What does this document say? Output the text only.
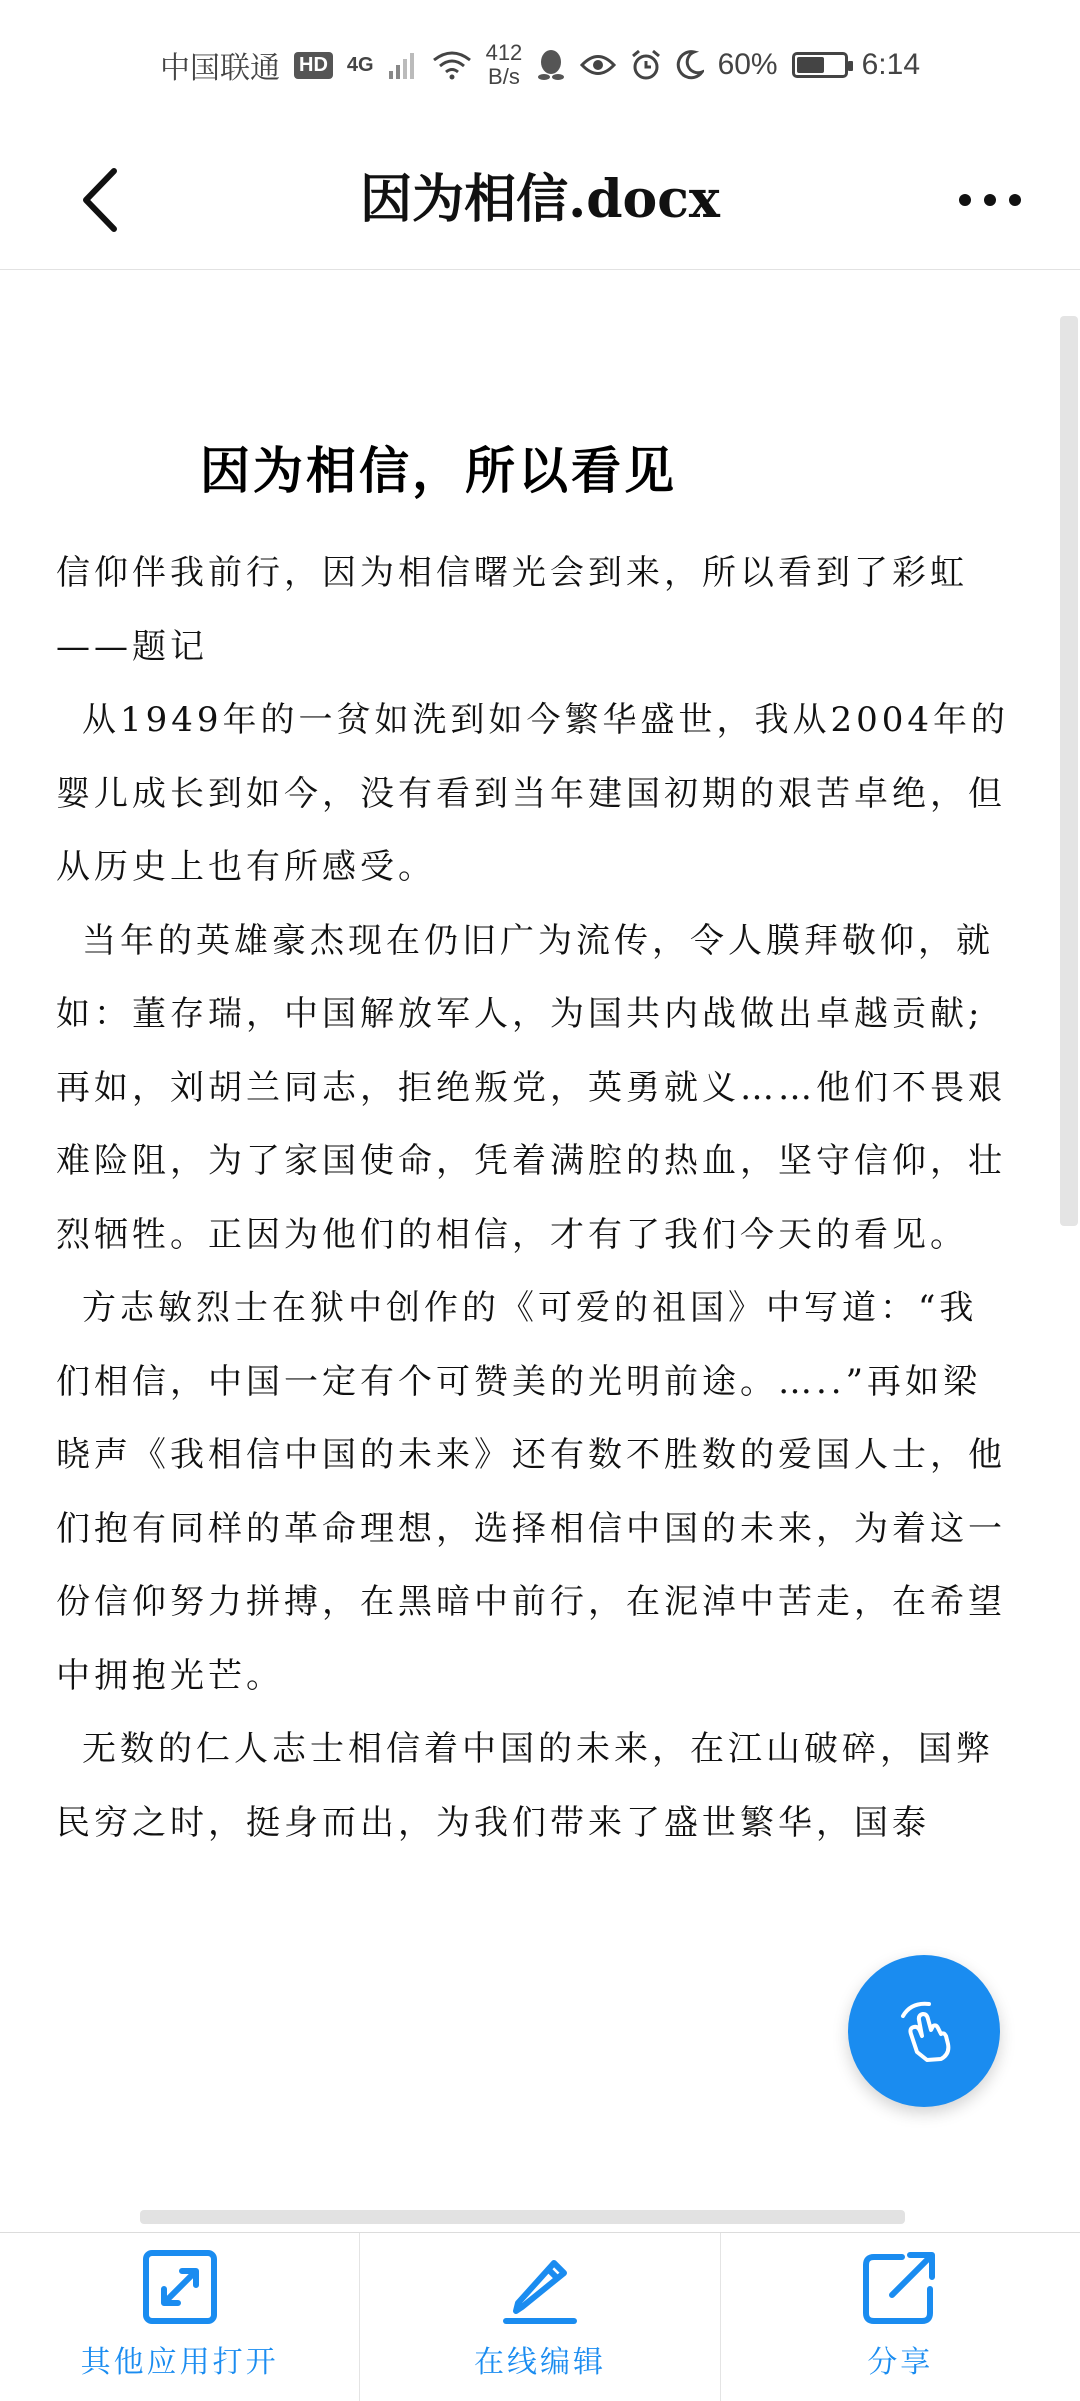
中国联通 HD 4G	412
B/s	60%	6:14
因为相信.docx
因为相信，所以看见

信仰伴我前行，因为相信曙光会到来，所以看到了彩虹——题记

从1949年的一贫如洗到如今繁华盛世，我从2004年的婴儿成长到如今，没有看到当年建国初期的艰苦卓绝，但从历史上也有所感受。

当年的英雄豪杰现在仍旧广为流传，令人膜拜敬仰，就如：董存瑞，中国解放军人，为国共内战做出卓越贡献;再如，刘胡兰同志，拒绝叛党，英勇就义……他们不畏艰难险阻，为了家国使命，凭着满腔的热血，坚守信仰，壮烈牺牲。正因为他们的相信，才有了我们今天的看见。

方志敏烈士在狱中创作的《可爱的祖国》中写道：“我们相信，中国一定有个可赞美的光明前途。…..”再如梁晓声《我相信中国的未来》还有数不胜数的爱国人士，他们抱有同样的革命理想，选择相信中国的未来，为着这一份信仰努力拼搏，在黑暗中前行，在泥淖中苦走，在希望中拥抱光芒。

无数的仁人志士相信着中国的未来，在江山破碎，国弊民穷之时，挺身而出，为我们带来了盛世繁华，国泰

其他应用打开	在线编辑	分享
